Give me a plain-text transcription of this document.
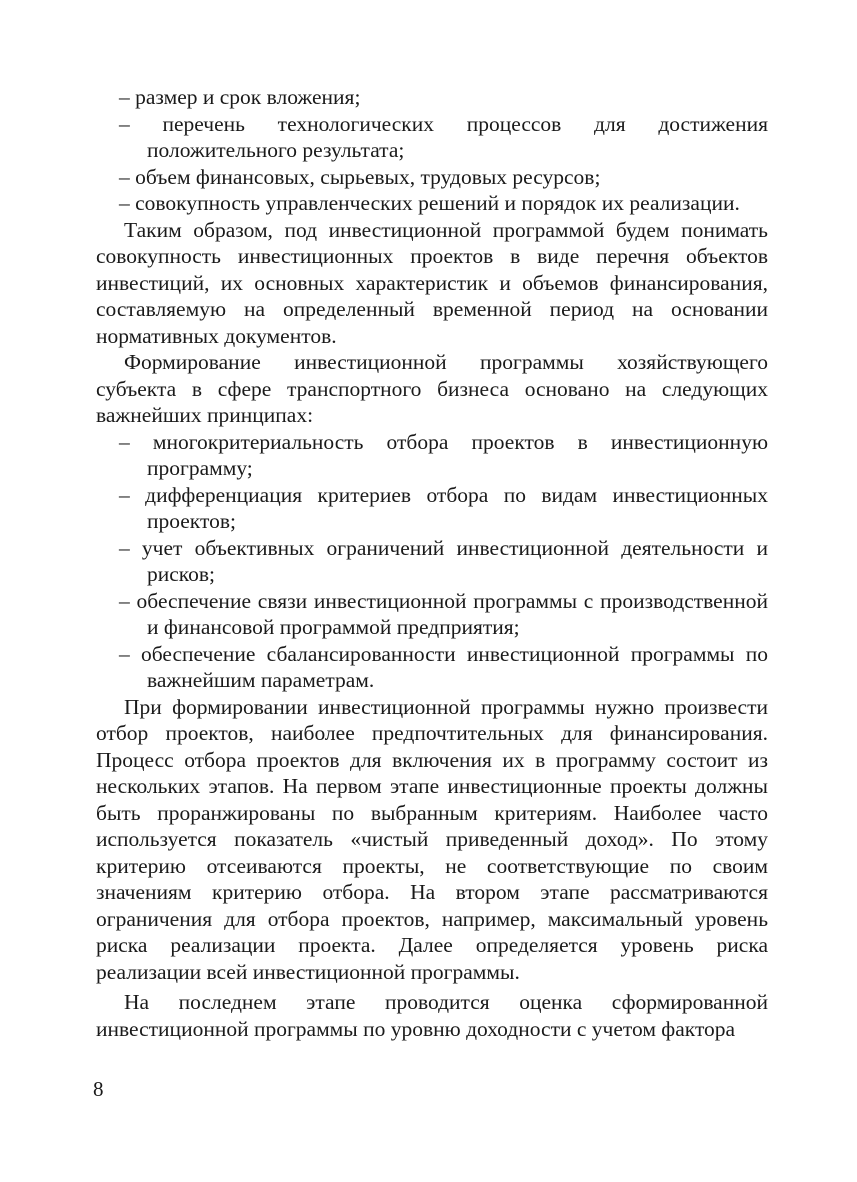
– размер и срок вложения;

– перечень технологических процессов для достижения положительного результата;

– объем финансовых, сырьевых, трудовых ресурсов;

– совокупность управленческих решений и порядок их реализации.

Таким образом, под инвестиционной программой будем понимать совокупность инвестиционных проектов в виде перечня объектов инвестиций, их основных характеристик и объемов финансирования, составляемую на определенный временной период на основании нормативных документов.

Формирование инвестиционной программы хозяйствующего субъекта в сфере транспортного бизнеса основано на следующих важнейших принципах:

– многокритериальность отбора проектов в инвестиционную программу;

– дифференциация критериев отбора по видам инвестиционных проектов;

– учет объективных ограничений инвестиционной деятельности и рисков;

– обеспечение связи инвестиционной программы с производственной и финансовой программой предприятия;

– обеспечение сбалансированности инвестиционной программы по важнейшим параметрам.

При формировании инвестиционной программы нужно произвести отбор проектов, наиболее предпочтительных для финансирования. Процесс отбора проектов для включения их в программу состоит из нескольких этапов. На первом этапе инвестиционные проекты должны быть проранжированы по выбранным критериям. Наиболее часто используется показатель «чистый приведенный доход». По этому критерию отсеиваются проекты, не соответствующие по своим значениям критерию отбора. На втором этапе рассматриваются ограничения для отбора проектов, например, максимальный уровень риска реализации проекта. Далее определяется уровень риска реализации всей инвестиционной программы.

На последнем этапе проводится оценка сформированной инвестиционной программы по уровню доходности с учетом фактора

8
